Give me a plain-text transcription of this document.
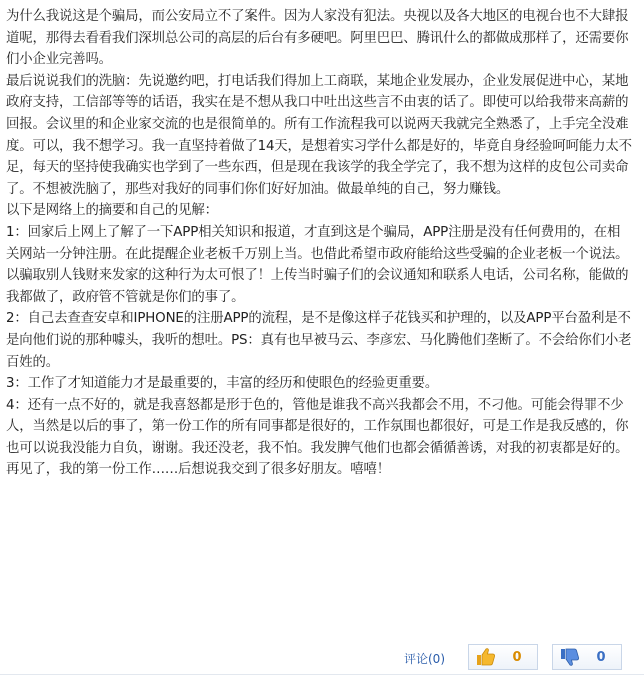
为什么我说这是个骗局，而公安局立不了案件。因为人家没有犯法。央视以及各大地区的电视台也不大肆报道呢，那得去看看我们深圳总公司的高层的后台有多硬吧。阿里巴巴、腾讯什么的都做成那样了，还需要你们小企业完善吗。

最后说说我们的洗脑：先说邀约吧，打电话我们得加上工商联，某地企业发展办，企业发展促进中心，某地政府支持，工信部等等的话语，我实在是不想从我口中吐出这些言不由衷的话了。即使可以给我带来高薪的回报。会议里的和企业家交流的也是很简单的。所有工作流程我可以说两天我就完全熟悉了，上手完全没难度。可以，我不想学习。我一直坚持着做了14天，是想着实习学什么都是好的，毕竟自身经验呵呵能力太不足，每天的坚持使我确实也学到了一些东西，但是现在我该学的我全学完了，我不想为这样的皮包公司卖命了。不想被洗脑了，那些对我好的同事们你们好好加油。做最单纯的自己，努力赚钱。

以下是网络上的摘要和自己的见解：

1：回家后上网上了解了一下APP相关知识和报道，才直到这是个骗局，APP注册是没有任何费用的，在相关网站一分钟注册。在此提醒企业老板千万别上当。也借此希望市政府能给这些受骗的企业老板一个说法。以骗取别人钱财来发家的这种行为太可恨了！上传当时骗子们的会议通知和联系人电话，公司名称，能做的我都做了，政府管不管就是你们的事了。

2：自己去查查安卓和IPHONE的注册APP的流程，是不是像这样子花钱买和护理的，以及APP平台盈利是不是向他们说的那种噱头，我听的想吐。PS：真有也早被马云、李彦宏、马化腾他们垄断了。不会给你们小老百姓的。

3：工作了才知道能力才是最重要的，丰富的经历和使眼色的经验更重要。

4：还有一点不好的，就是我喜怒都是形于色的，管他是谁我不高兴我都会不用，不刁他。可能会得罪不少人，当然是以后的事了，第一份工作的所有同事都是很好的，工作氛围也都很好，可是工作是我反感的，你也可以说我没能力自负，谢谢。我还没老，我不怕。我发脾气他们也都会循循善诱，对我的初衷都是好的。再见了，我的第一份工作……后想说我交到了很多好朋友。嘻嘻！

评论(0)	0	0
